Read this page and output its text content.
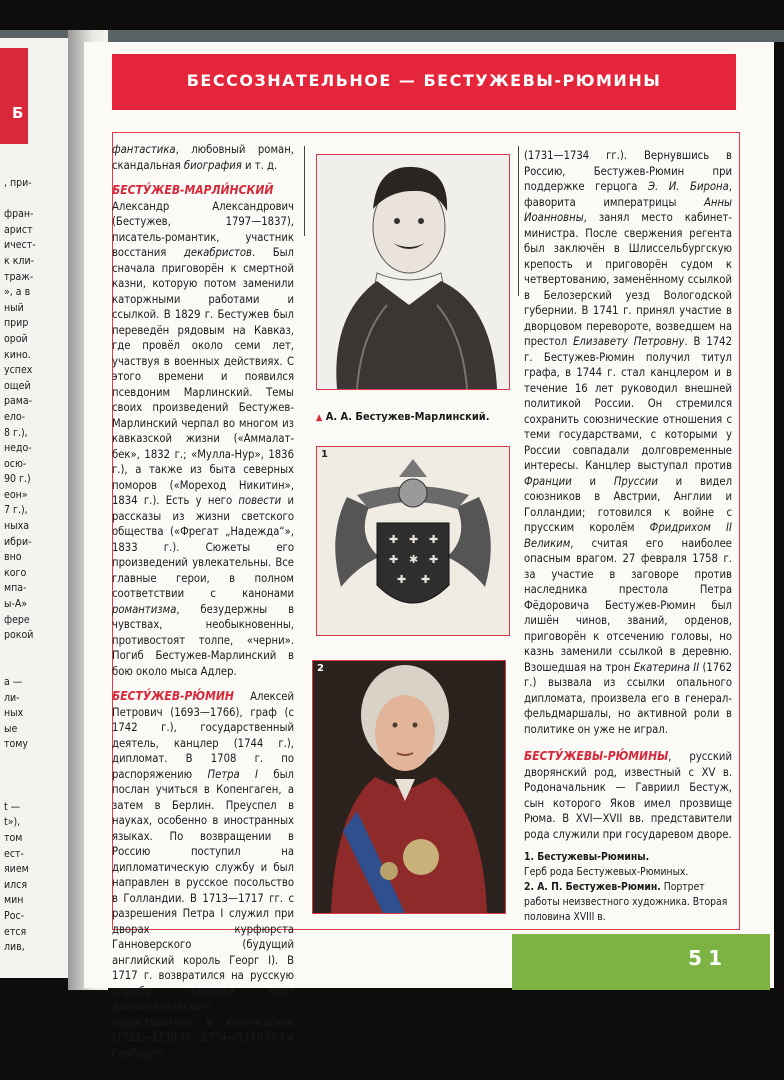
Б
, при-

фран-
арист
ичест-
к кли-
траж-
», а в
ный
прир
орой
кино.
успех
ощей
рама-
ело-
8 г.),
недо-
осю-
90 г.)
еон»
7 г.),
ныха
ибри-
вно
кого
мпа-
ы-А»
фере
рокой

а —
ли-
ных
ые
тому

t —
t»),
том
ест-
яием
ился
мин
Рос-
ется
лив,
БЕССОЗНАТЕЛЬНОЕ — БЕСТУЖЕВЫ-РЮМИНЫ

фантастика, любовный роман, скандальная биография и т. д.

БЕСТУ́ЖЕВ-МАРЛИ́НСКИЙ Александр Александрович (Бестужев, 1797—1837), писатель-романтик, участник восстания декабристов. Был сначала приговорён к смертной казни, которую потом заменили каторжными работами и ссылкой. В 1829 г. Бестужев был переведён рядовым на Кавказ, где провёл около семи лет, участвуя в военных действиях. С этого времени и появился псевдоним Марлинский. Темы своих произведений Бестужев-Марлинский черпал во многом из кавказской жизни («Аммалат-бек», 1832 г.; «Мулла-Нур», 1836 г.), а также из быта северных поморов («Мореход Никитин», 1834 г.). Есть у него повести и рассказы из жизни светского общества («Фрегат „Надежда“», 1833 г.). Сюжеты его произведений увлекательны. Все главные герои, в полном соответствии с канонами романтизма, безудержны в чувствах, необыкновенны, противостоят толпе, «черни». Погиб Бестужев-Марлинский в бою около мыса Адлер.

БЕСТУ́ЖЕВ-РЮ́МИН Алексей Петрович (1693—1766), граф (с 1742 г.), государственный деятель, канцлер (1744 г.), дипломат. В 1708 г. по распоряжению Петра I был послан учиться в Копенгаген, а затем в Берлин. Преуспел в науках, особенно в иностранных языках. По возвращении в Россию поступил на дипломатическую службу и был направлен в русское посольство в Голландии. В 1713—1717 гг. с разрешения Петра I служил при дворах курфюрста Ганноверского (будущий английский король Георг I). В 1717 г. возвратился на русскую службу, занимал пост дипломатического представителя в Копенгагене (1721—1730 гг., 1734—1740 гг.) и Гамбурге

▲ А. А. Бестужев-Марлинский.
1
✚ ✚ ✚
✚ ✱ ✚
✚ ✚
2

(1731—1734 гг.). Вернувшись в Россию, Бестужев-Рюмин при поддержке герцога Э. И. Бирона, фаворита императрицы Анны Иоанновны, занял место кабинет-министра. После свержения регента был заключён в Шлиссельбургскую крепость и приговорён судом к четвертованию, заменённому ссылкой в Белозерский уезд Вологодской губернии. В 1741 г. принял участие в дворцовом перевороте, возведшем на престол Елизавету Петровну. В 1742 г. Бестужев-Рюмин получил титул графа, в 1744 г. стал канцлером и в течение 16 лет руководил внешней политикой России. Он стремился сохранить союзнические отношения с теми государствами, с которыми у России совпадали долговременные интересы. Канцлер выступал против Франции и Пруссии и видел союзников в Австрии, Англии и Голландии; готовился к войне с прусским королём Фридрихом II Великим, считая его наиболее опасным врагом. 27 февраля 1758 г. за участие в заговоре против наследника престола Петра Фёдоровича Бестужев-Рюмин был лишён чинов, званий, орденов, приговорён к отсечению головы, но казнь заменили ссылкой в деревню. Взошедшая на трон Екатерина II (1762 г.) вызвала из ссылки опального дипломата, произвела его в генерал-фельдмаршалы, но активной роли в политике он уже не играл.

БЕСТУ́ЖЕВЫ-РЮ́МИНЫ, русский дворянский род, известный с XV в. Родоначальник — Гавриил Бестуж, сын которого Яков имел прозвище Рюма. В XVI—XVII вв. представители рода служили при государевом дворе.

1. Бестужевы-Рюмины.
Герб рода Бестужевых-Рюминых.
2. А. П. Бестужев-Рюмин. Портрет работы неизвестного художника. Вторая половина XVIII в.
51
